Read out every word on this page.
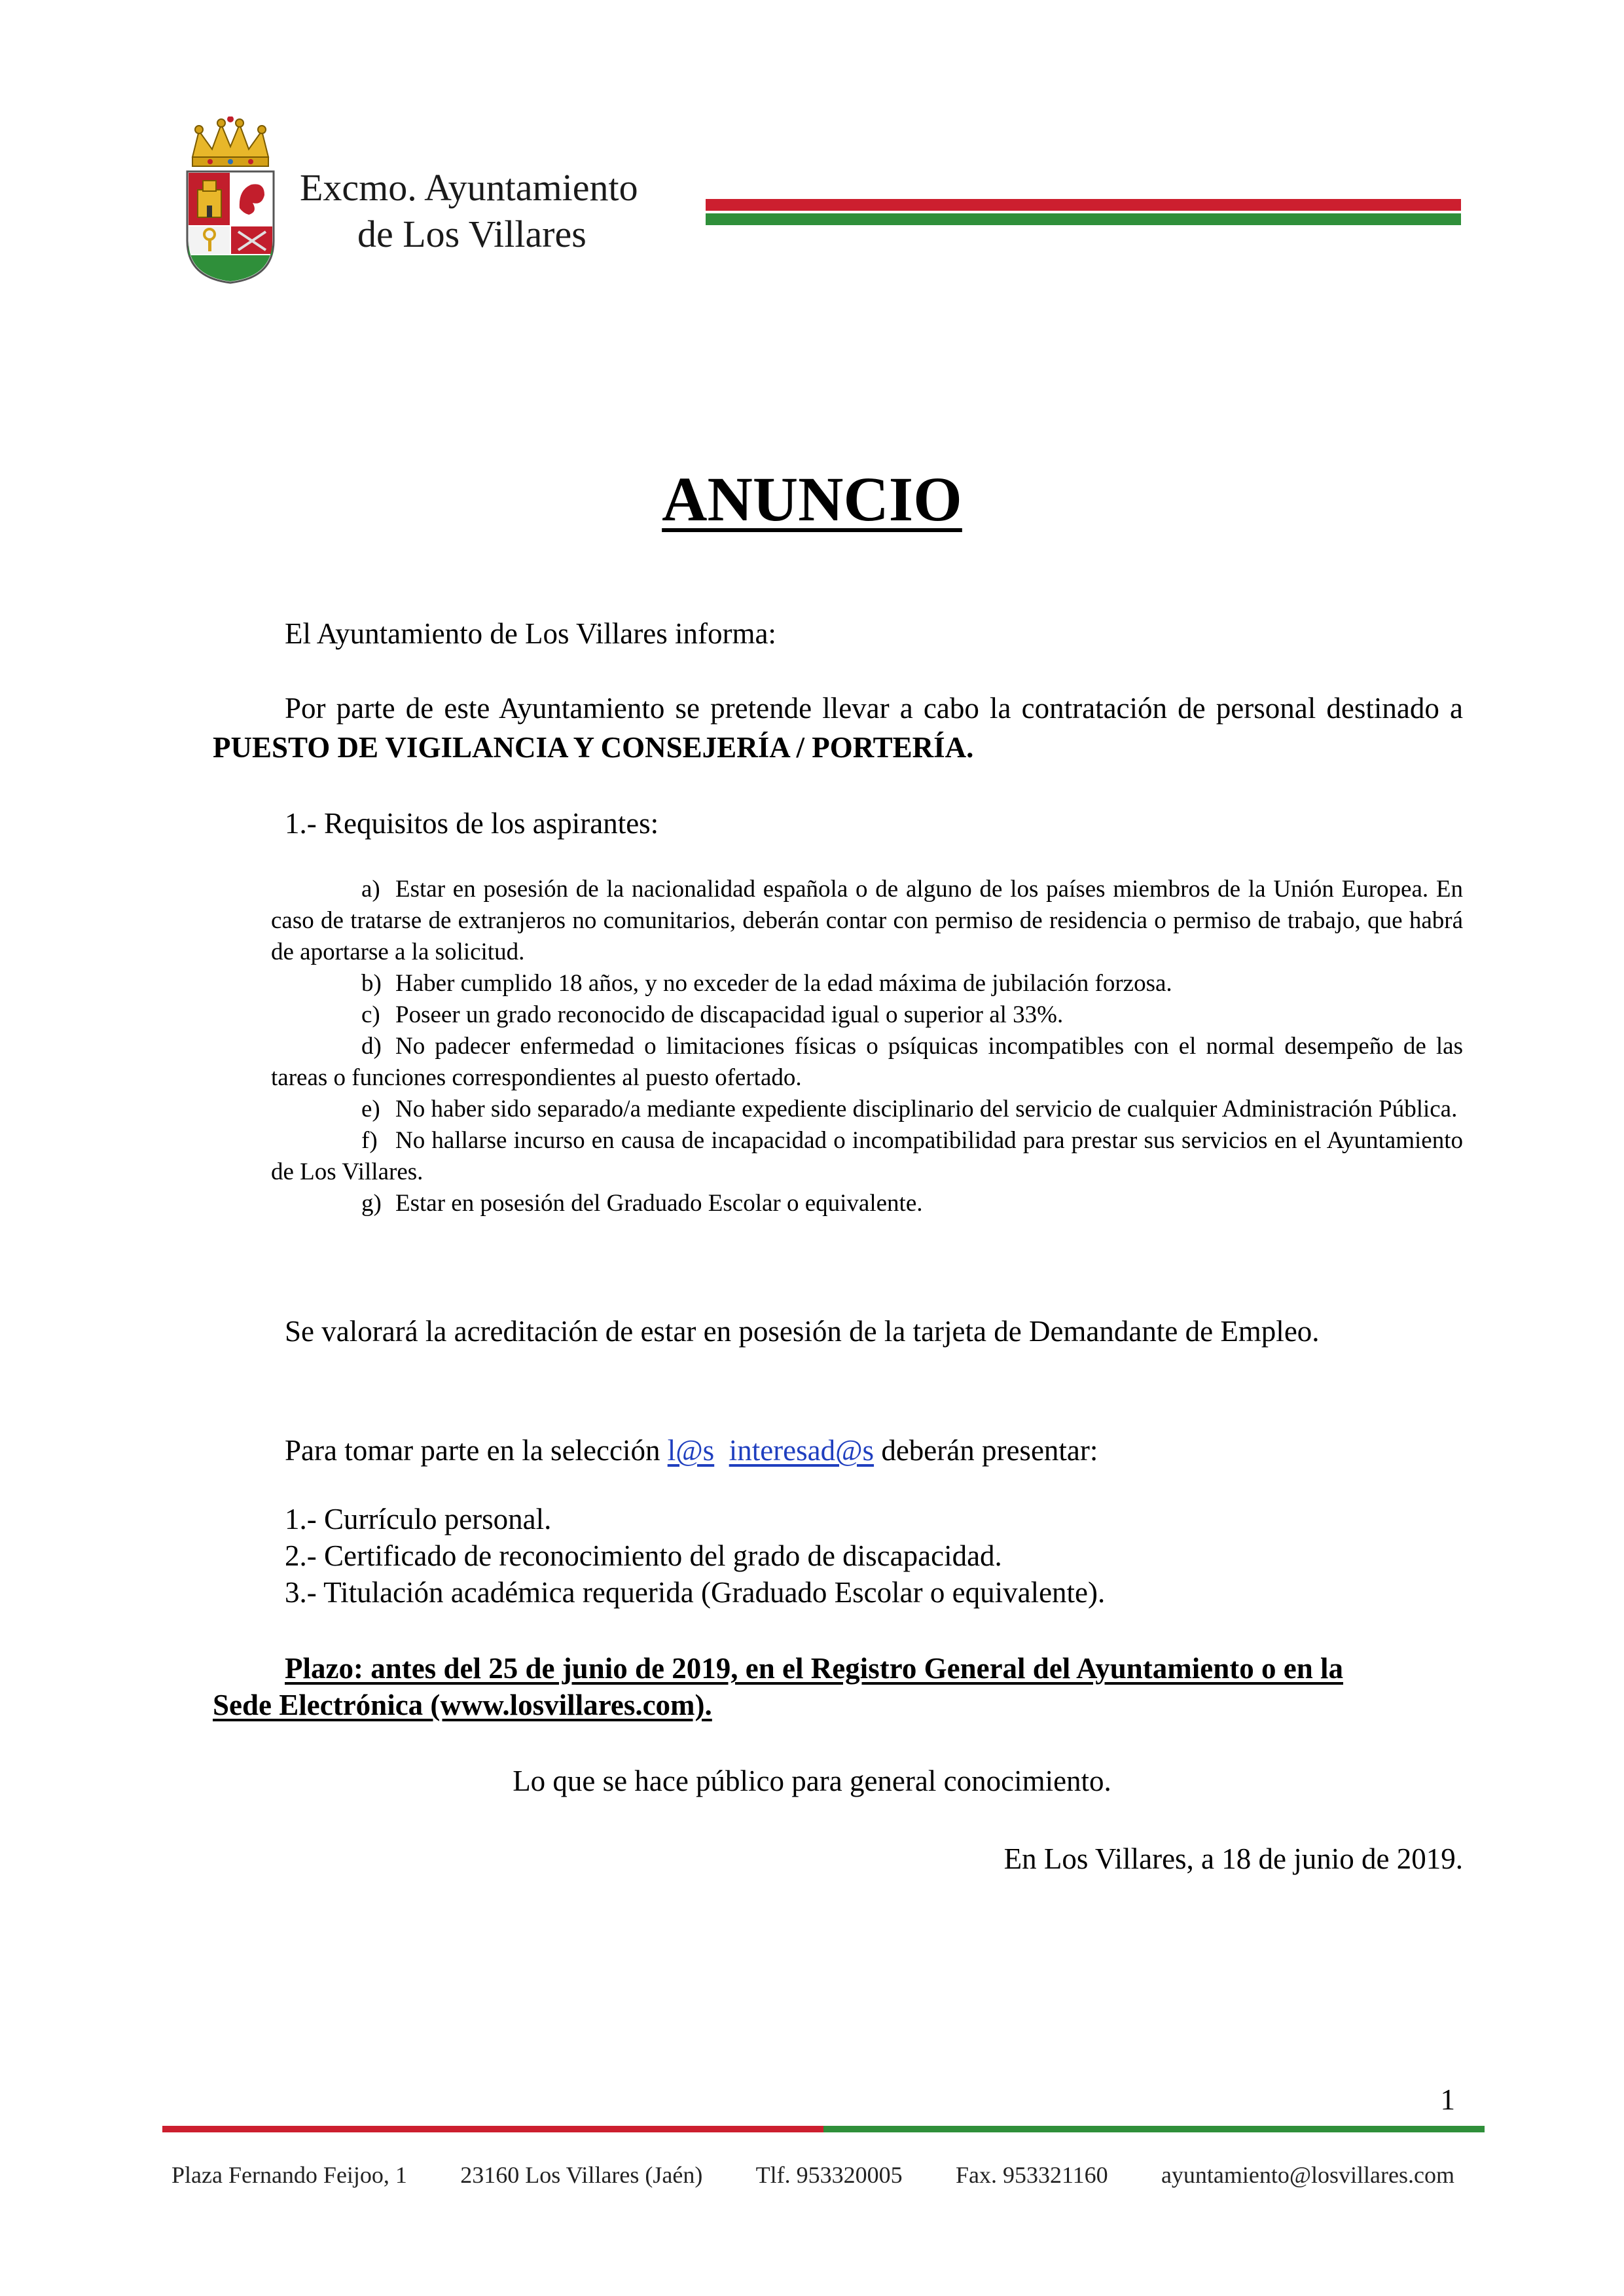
Excmo. Ayuntamiento
de Los Villares
ANUNCIO
El Ayuntamiento de Los Villares informa:
Por parte de este Ayuntamiento se pretende llevar a cabo la contratación de personal destinado a PUESTO DE VIGILANCIA Y CONSEJERÍA / PORTERÍA.
1.- Requisitos de los aspirantes:

a) Estar en posesión de la nacionalidad española o de alguno de los países miembros de la Unión Europea. En caso de tratarse de extranjeros no comunitarios, deberán contar con permiso de residencia o permiso de trabajo, que habrá de aportarse a la solicitud.

b) Haber cumplido 18 años, y no exceder de la edad máxima de jubilación forzosa.

c) Poseer un grado reconocido de discapacidad igual o superior al 33%.

d) No padecer enfermedad o limitaciones físicas o psíquicas incompatibles con el normal desempeño de las tareas o funciones correspondientes al puesto ofertado.

e) No haber sido separado/a mediante expediente disciplinario del servicio de cualquier Administración Pública.

f) No hallarse incurso en causa de incapacidad o incompatibilidad para prestar sus servicios en el Ayuntamiento de Los Villares.

g) Estar en posesión del Graduado Escolar o equivalente.

Se valorará la acreditación de estar en posesión de la tarjeta de Demandante de Empleo.
Para tomar parte en la selección l@s interesad@s deberán presentar:
1.- Currículo personal.
2.- Certificado de reconocimiento del grado de discapacidad.
3.- Titulación académica requerida (Graduado Escolar o equivalente).
Plazo: antes del 25 de junio de 2019, en el Registro General del Ayuntamiento o en la
Sede Electrónica (www.losvillares.com).
Lo que se hace público para general conocimiento.
En Los Villares, a 18 de junio de 2019.
1
Plaza Fernando Feijoo, 1 23160 Los Villares (Jaén) Tlf. 953320005 Fax. 953321160 ayuntamiento@losvillares.com
